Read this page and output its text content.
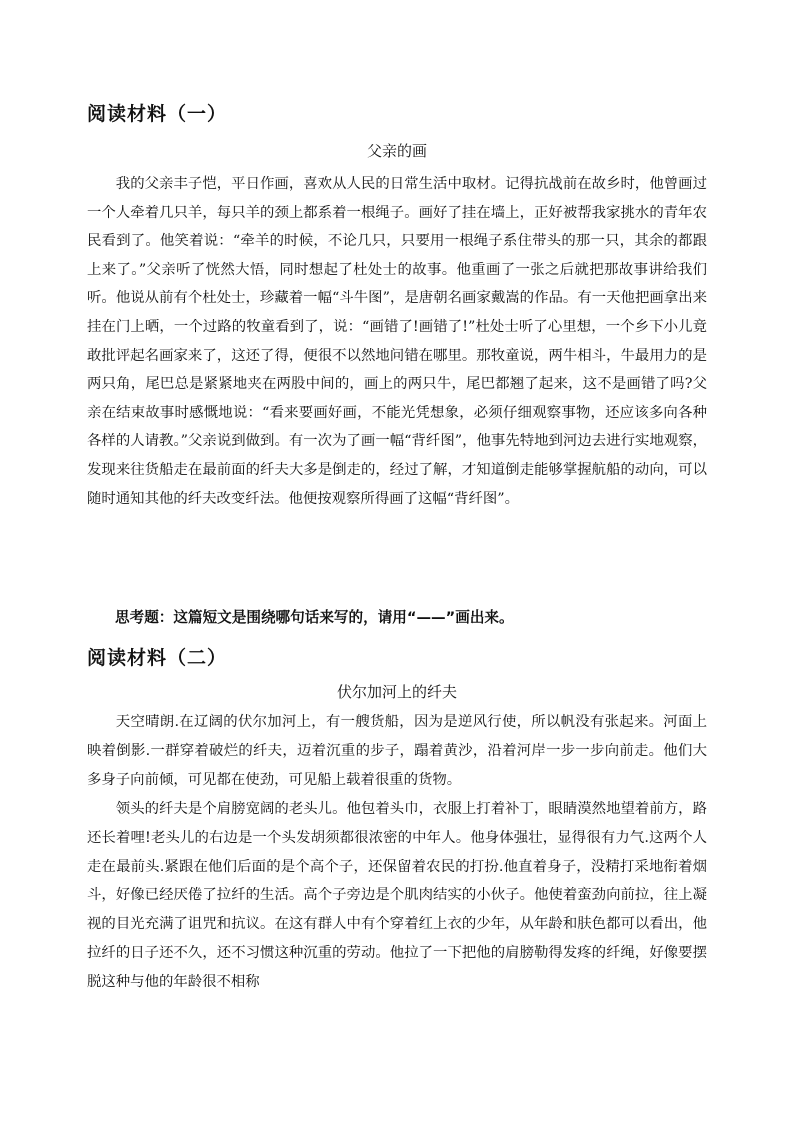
阅读材料（一）
父亲的画

我的父亲丰子恺，平日作画，喜欢从人民的日常生活中取材。记得抗战前在故乡时，他曾画过一个人牵着几只羊，每只羊的颈上都系着一根绳子。画好了挂在墙上，正好被帮我家挑水的青年农民看到了。他笑着说：“牵羊的时候，不论几只，只要用一根绳子系住带头的那一只，其余的都跟上来了。”父亲听了恍然大悟，同时想起了杜处士的故事。他重画了一张之后就把那故事讲给我们听。他说从前有个杜处士，珍藏着一幅“斗牛图”，是唐朝名画家戴嵩的作品。有一天他把画拿出来挂在门上晒，一个过路的牧童看到了，说：“画错了!画错了!”杜处士听了心里想，一个乡下小儿竟敢批评起名画家来了，这还了得，便很不以然地问错在哪里。那牧童说，两牛相斗，牛最用力的是两只角，尾巴总是紧紧地夹在两股中间的，画上的两只牛，尾巴都翘了起来，这不是画错了吗?父亲在结束故事时感慨地说：“看来要画好画，不能光凭想象，必须仔细观察事物，还应该多向各种各样的人请教。”父亲说到做到。有一次为了画一幅“背纤图”，他事先特地到河边去进行实地观察，发现来往货船走在最前面的纤夫大多是倒走的，经过了解，才知道倒走能够掌握航船的动向，可以随时通知其他的纤夫改变纤法。他便按观察所得画了这幅“背纤图”。

思考题：这篇短文是围绕哪句话来写的，请用“——”画出来。
阅读材料（二）
伏尔加河上的纤夫

天空晴朗.在辽阔的伏尔加河上，有一艘货船，因为是逆风行使，所以帆没有张起来。河面上映着倒影.一群穿着破烂的纤夫，迈着沉重的步子，蹋着黄沙，沿着河岸一步一步向前走。他们大多身子向前倾，可见都在使劲，可见船上载着很重的货物。

领头的纤夫是个肩膀宽阔的老头儿。他包着头巾，衣服上打着补丁，眼睛漠然地望着前方，路还长着哩!老头儿的右边是一个头发胡须都很浓密的中年人。他身体强壮，显得很有力气.这两个人走在最前头.紧跟在他们后面的是个高个子，还保留着农民的打扮.他直着身子，没精打采地衔着烟斗，好像已经厌倦了拉纤的生活。高个子旁边是个肌肉结实的小伙子。他使着蛮劲向前拉，往上凝视的目光充满了诅咒和抗议。在这有群人中有个穿着红上衣的少年，从年龄和肤色都可以看出，他拉纤的日子还不久，还不习惯这种沉重的劳动。他拉了一下把他的肩膀勒得发疼的纤绳，好像要摆脱这种与他的年龄很不相称
